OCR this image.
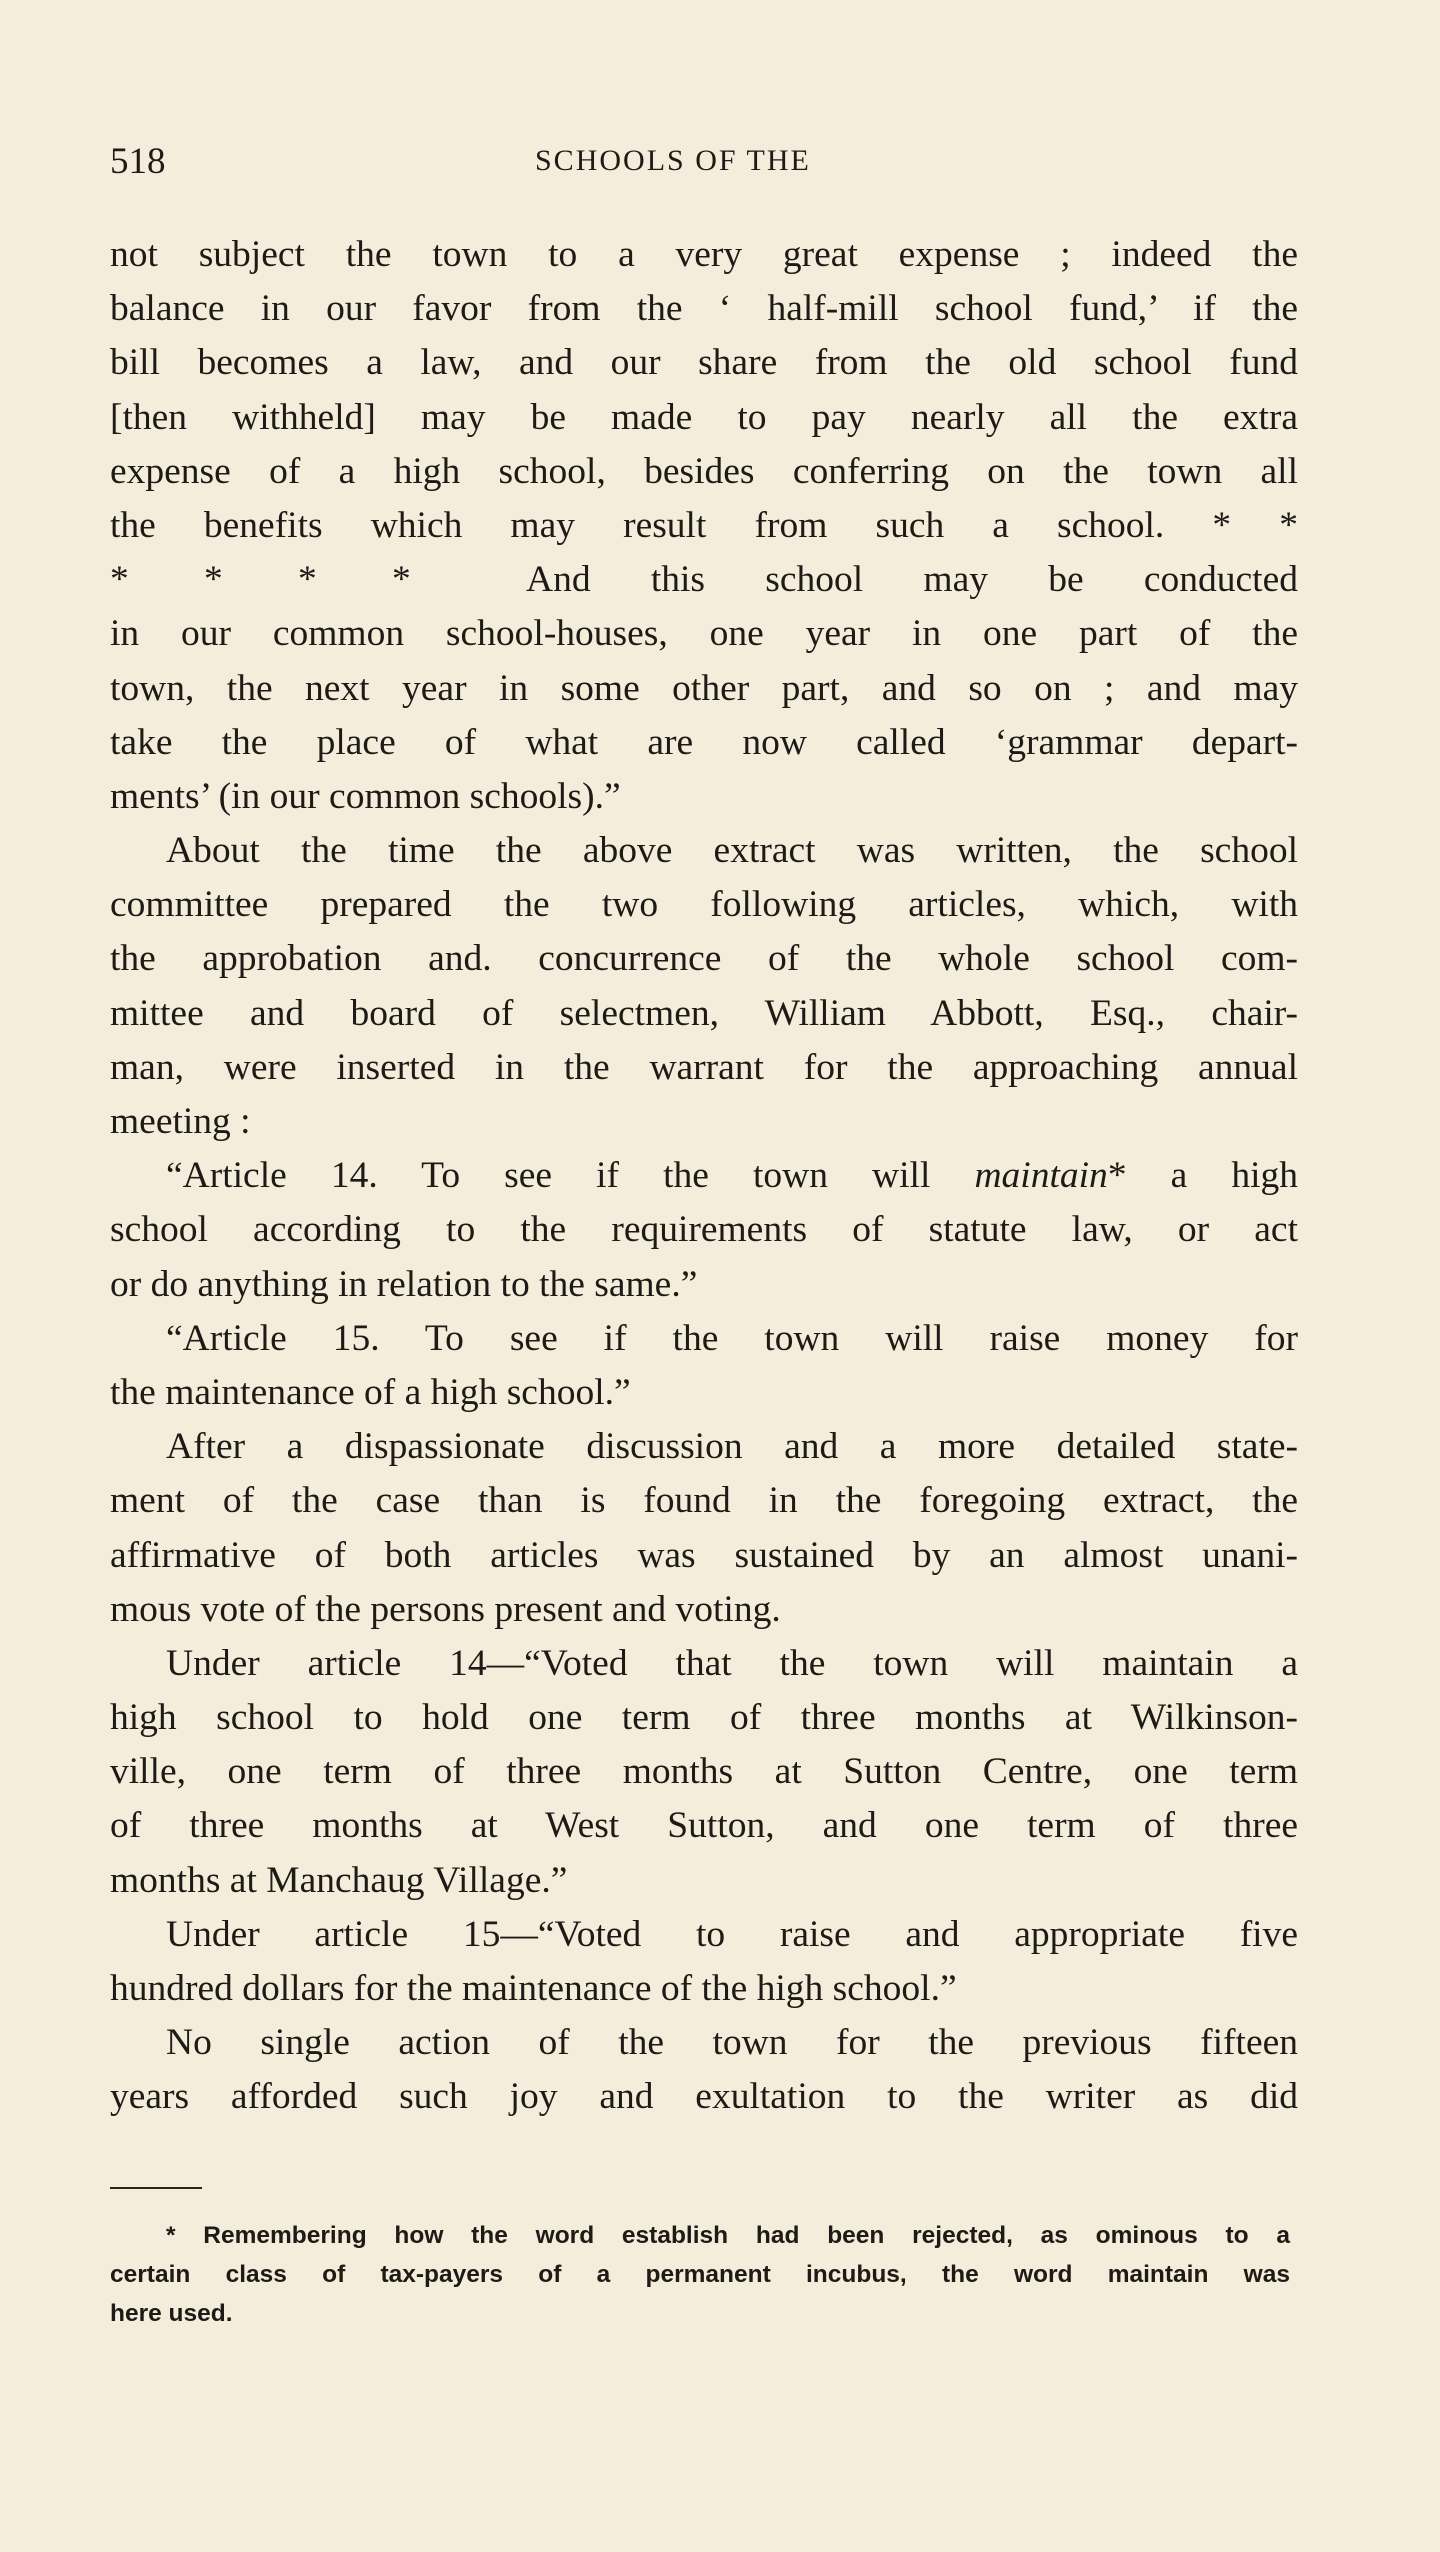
518	SCHOOLS OF THE
not subject the town to a very great expense ; indeed the
balance in our favor from the ‘ half-mill school fund,’ if the
bill becomes a law, and our share from the old school fund
[then withheld] may be made to pay nearly all the extra
expense of a high school, besides conferring on the town all
the benefits which may result from such a school. * *
* * * *	And this school may be conducted
in our common school-houses, one year in one part of the
town, the next year in some other part, and so on ; and may
take the place of what are now called ‘grammar depart-
ments’ (in our common schools).”
About the time the above extract was written, the school
committee prepared the two following articles, which, with
the approbation and. concurrence of the whole school com-
mittee and board of selectmen, William Abbott, Esq., chair-
man, were inserted in the warrant for the approaching annual
meeting :
“Article 14. To see if the town will maintain* a high
school according to the requirements of statute law, or act
or do anything in relation to the same.”
“Article 15. To see if the town will raise money for
the maintenance of a high school.”
After a dispassionate discussion and a more detailed state-
ment of the case than is found in the foregoing extract, the
affirmative of both articles was sustained by an almost unani-
mous vote of the persons present and voting.
Under article 14—“Voted that the town will maintain a
high school to hold one term of three months at Wilkinson-
ville, one term of three months at Sutton Centre, one term
of three months at West Sutton, and one term of three
months at Manchaug Village.”
Under article 15—“Voted to raise and appropriate five
hundred dollars for the maintenance of the high school.”
No single action of the town for the previous fifteen
years afforded such joy and exultation to the writer as did
* Remembering how the word establish had been rejected, as ominous to a
certain class of tax-payers of a permanent incubus, the word maintain was
here used.
